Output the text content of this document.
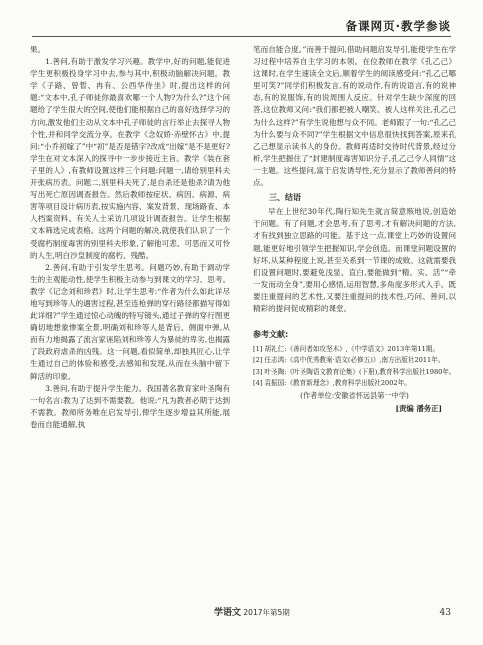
备课网页·教学参谈

果。

1.善问,有助于激发学习兴趣。教学中,好的问题,能促进学生更积极投身学习中去,参与其中,积极动脑解决问题。教学《子路、曾皙、冉有、公西华侍坐》时,提出这样的问题:“文本中,孔子师徒你最喜欢哪一个人物?为什么?”这个问题给了学生很大的空间,使他们能根据自己的喜好选择学习的方向,激发他们主动从文本中孔子师徒的言行举止去探寻人物个性,并和同学交流分享。在教学《念奴娇·赤壁怀古》中,提问:“小乔初嫁了”中“初”是否是错字?改成“出嫁”是不是更好?学生在对文本深入的探寻中一步步接近主旨。教学《装在套子里的人》,有教师设置这样三个问题:问题一,请给别里科夫开张病历表。问题二,别里科夫死了,是自杀还是他杀?请为他写出死亡原因调查报告。然后教师按症状、病因、病源、病害等项目设计病历表,按实施内容、案发背景、现场路查、本人档案资料、有关人士采访几项设计调查报告。让学生根据文本筛选完成表格。这两个问题的解决,就使我们认识了一个受腐朽制度毒害的别里科夫形象,了解他可悲、可恶而又可怜的人生,明白沙皇制度的腐朽、残酷。

2.善问,有助于引发学生思考。问题巧妙,有助于调动学生的主观能动性,使学生积极主动参与到课文的学习、思考。教学《记念刘和珍君》时,让学生思考:“作者为什么如此详尽地写到珍等人的遇害过程,甚至连枪弹的穿行路径都描写得如此详细?”学生通过惊心动魄的特写镜头,通过子弹的穿行图更确切地想象惨案全景,明确刘和珍等人是背后、侧面中弹,从而有力地揭露了流言家诬陷刘和珍等人为暴徒的卑劣,也揭露了段政府虐杀的凶残。这一问题,看似简单,却独具匠心,让学生通过自己的体验和感受,去感知和发现,从而在头脑中留下鲜活的印象。

3.善问,有助于提升学生能力。我国著名教育家叶圣陶有一句名言:教为了达到不需要教。他说:“凡为教者必期于达到不需教。教师所务唯在启发导引,俾学生逐步增益其所能,展卷而自能通解,执

笔而自能合度。”而善于提问,借助问题启发导引,能使学生在学习过程中培养自主学习的本领。在位教师在教学《孔乙己》这课时,在学生速读全文后,顺着学生的阅读感受问:“孔乙己哪里可笑?”同学们积极发言,有的说动作,有的说语言,有的说神态,有的说服饰,有的说周围人反应。针对学生缺少深度的回答,这位教师又问:“我们都把被人嘲笑、被人这样关注,孔乙己为什么这样?”有学生说他想与众不同。老师跟了一句:“孔乙己为什么要与众不同?”学生根据文中信息很快找到答案,原来孔乙己想显示读书人的身份。教师再适时交待时代背景,经过分析,学生把握住了“封建制度毒害知识分子,孔乙己令人同情”这一主题。这些提问,富于启发诱导性,充分显示了教师善问的特点。

三、结语

早在上世纪30年代,陶行知先生就言简意赅地说,创造始于问题。有了问题,才会思考,有了思考,才有解决问题的方法,才有找到独立思路的可能。基于这一点,课堂上巧妙的设置问题,能更好地引领学生把握知识,学会创造。而课堂问题设置的好坏,从某种程度上说,甚至关系到一节课的成败。这就需要我们设置问题时,要避免浅显、直白,要能做到“精、实、活”“牵一发而动全身”,要用心感悟,运用智慧,多角度多形式入手。既要注重提问的艺术性,又要注重提问的技术性,巧问、善问,以精彩的提问促成精彩的课堂。

参考文献:
[1] 胡礼仁:《善问者如攻坚木》,《中学语文》2013年第11期。
[2] 任志鸿:《高中优秀教案·语文(必修五)》,南方出版社2011年。
[3] 叶圣陶:《叶圣陶语文教育论集》(下册),教育科学出版社1980年。
[4] 袁振国:《教育新理念》,教育科学出版社2002年。
(作者单位:安徽省怀远县第一中学)
[责编 潘务正]
学语文 2017年第5期	43
